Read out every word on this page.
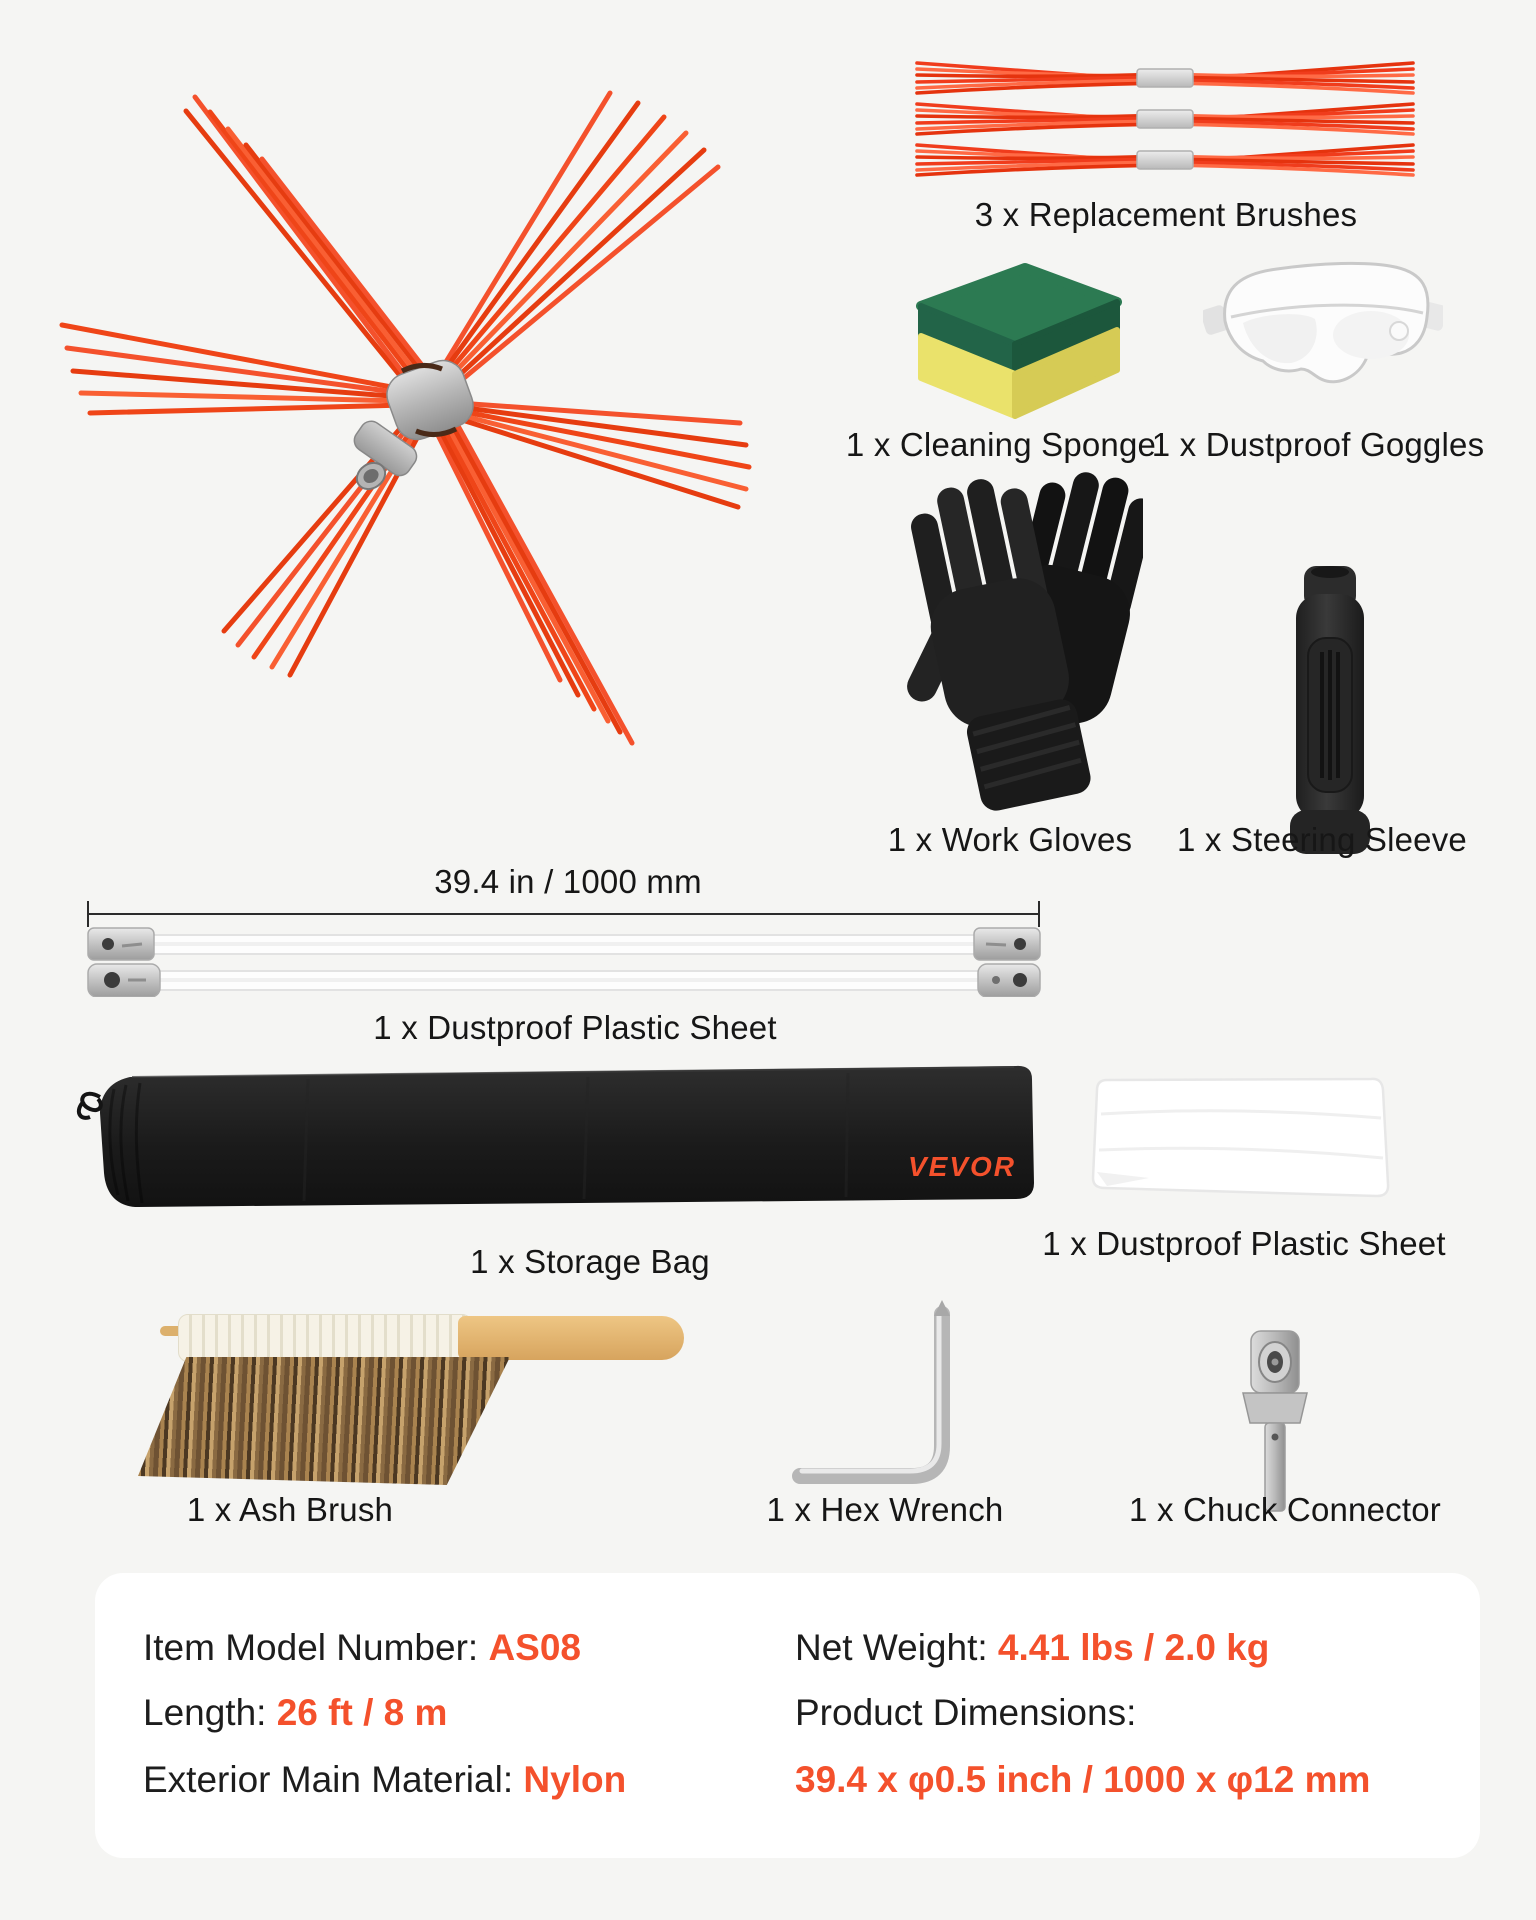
3 x Replacement Brushes
1 x Cleaning Sponge
1 x Dustproof Goggles
1 x Work Gloves 1 x Steering Sleeve
39.4 in / 1000 mm
1 x Dustproof Plastic Sheet
VEVOR
1 x Storage Bag	1 x Dustproof Plastic Sheet
1 x Ash Brush	1 x Hex Wrench	1 x Chuck Connector
Item Model Number: AS08
Length: 26 ft / 8 m
Exterior Main Material: Nylon
Net Weight: 4.41 lbs / 2.0 kg
Product Dimensions:
39.4 x φ0.5 inch / 1000 x φ12 mm
